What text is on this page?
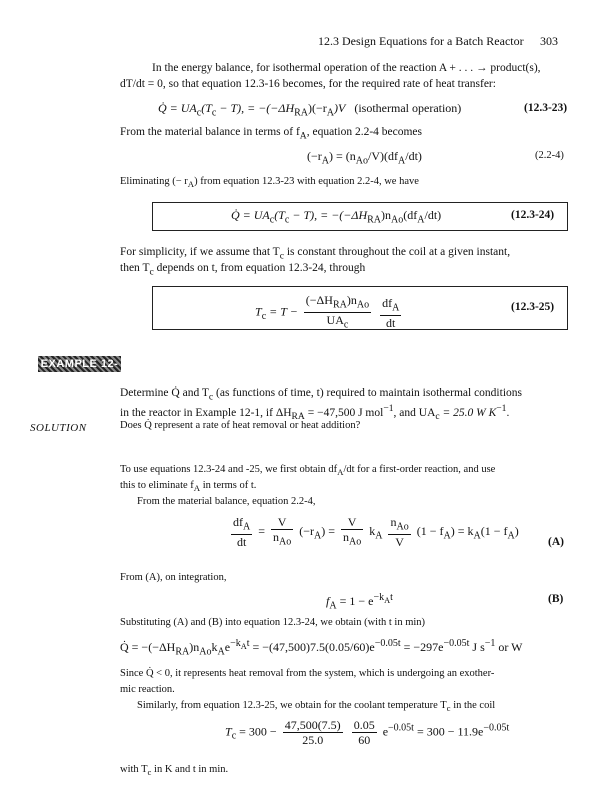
12.3 Design Equations for a Batch Reactor 303
In the energy balance, for isothermal operation of the reaction A + . . . → product(s),
dT/dt = 0, so that equation 12.3-16 becomes, for the required rate of heat transfer:
Q̇ = $UA_c(T_c - T)$, = $-(-\Delta H_{RA})(-r_A)V$ (isothermal operation)	(12.3-23)
From the material balance in terms of $f_A$, equation 2.2-4 becomes
$(-r_A) = (n_{Ao}/V)(df_A/dt)$	(2.2-4)
Eliminating (− $r_A$) from equation 12.3-23 with equation 2.2-4, we have
Q̇ = $UA_c(T_c - T)$, = $-(-\Delta H_{RA})n_{Ao}(df_A/dt)$	(12.3-24)
For simplicity, if we assume that $T_c$ is constant throughout the coil at a given instant,
then $T_c$ depends on t, from equation 12.3-24, through
$T_c = T - \frac{(-\Delta H_{RA})n_{Ao}}{UA_c}$
$\frac{df_A}{dt}$	(12.3-25)
EXAMPLE 12-4
Determine Q̇ and $T_c$ (as functions of time, t) required to maintain isothermal conditions
in the reactor in Example 12-1, if $\Delta H_{RA} = -47,500$ J mol$^{-1}$, and $UA_c = 25.0$ W $K^{-1}$.
Does Q̇ represent a rate of heat removal or heat addition?
SOLUTION
To use equations 12.3-24 and -25, we first obtain $df_A/dt$ for a first-order reaction, and use
this to eliminate $f_A$ in terms of t.
From the material balance, equation 2.2-4,
$\frac{df_A}{dt} = \frac{V}{n_{Ao}} (-r_A) = \frac{V}{n_{Ao}} k_A \frac{n_{Ao}}{V} (1 - f_A) = k_A(1 - f_A)$
(A)
From (A), on integration,
$f_A = 1 - e^{-k_At}$	(B)
Substituting (A) and (B) into equation 12.3-24, we obtain (with t in min)
Q̇ = $-(-\Delta H_{RA})n_{Ao}k_Ae^{-k_At} = -(47,500)7.5(0.05/60)e^{-0.05t} = -297e^{-0.05t}$ J $s^{-1}$ or W
Since Q̇ < 0, it represents heat removal from the system, which is undergoing an exother-
mic reaction.
Similarly, from equation 12.3-25, we obtain for the coolant temperature $T_c$ in the coil
$T_c = 300 - \frac{47,500(7.5)}{25.0}$
$\frac{0.05}{60} e^{-0.05t} = 300 - 11.9e^{-0.05t}$
with $T_c$ in K and t in min.
